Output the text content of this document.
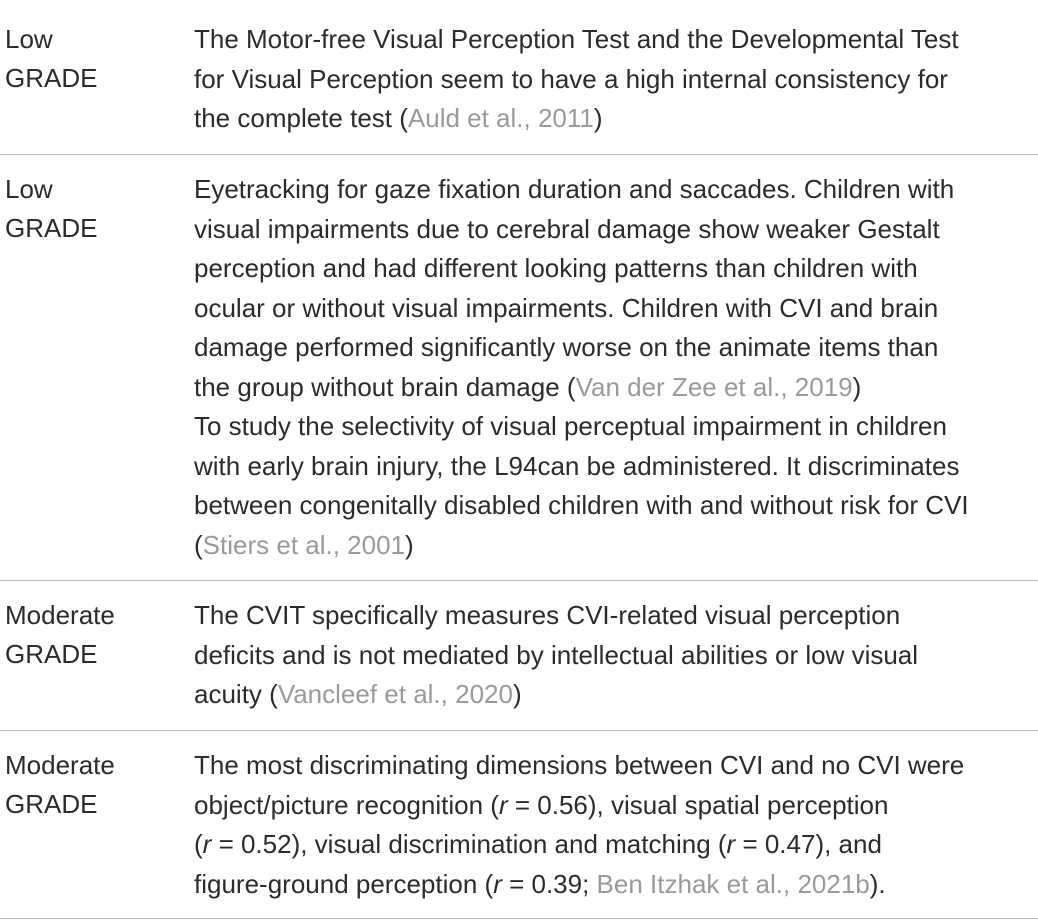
Low
GRADE
The Motor-free Visual Perception Test and the Developmental Test
for Visual Perception seem to have a high internal consistency for
the complete test (Auld et al., 2011)
Low
GRADE
Eyetracking for gaze fixation duration and saccades. Children with
visual impairments due to cerebral damage show weaker Gestalt
perception and had different looking patterns than children with
ocular or without visual impairments. Children with CVI and brain
damage performed significantly worse on the animate items than
the group without brain damage (Van der Zee et al., 2019)
To study the selectivity of visual perceptual impairment in children
with early brain injury, the L94can be administered. It discriminates
between congenitally disabled children with and without risk for CVI
(Stiers et al., 2001)
Moderate
GRADE
The CVIT specifically measures CVI-related visual perception
deficits and is not mediated by intellectual abilities or low visual
acuity (Vancleef et al., 2020)
Moderate
GRADE
The most discriminating dimensions between CVI and no CVI were
object/picture recognition (r = 0.56), visual spatial perception
(r = 0.52), visual discrimination and matching (r = 0.47), and
figure-ground perception (r = 0.39; Ben Itzhak et al., 2021b).
